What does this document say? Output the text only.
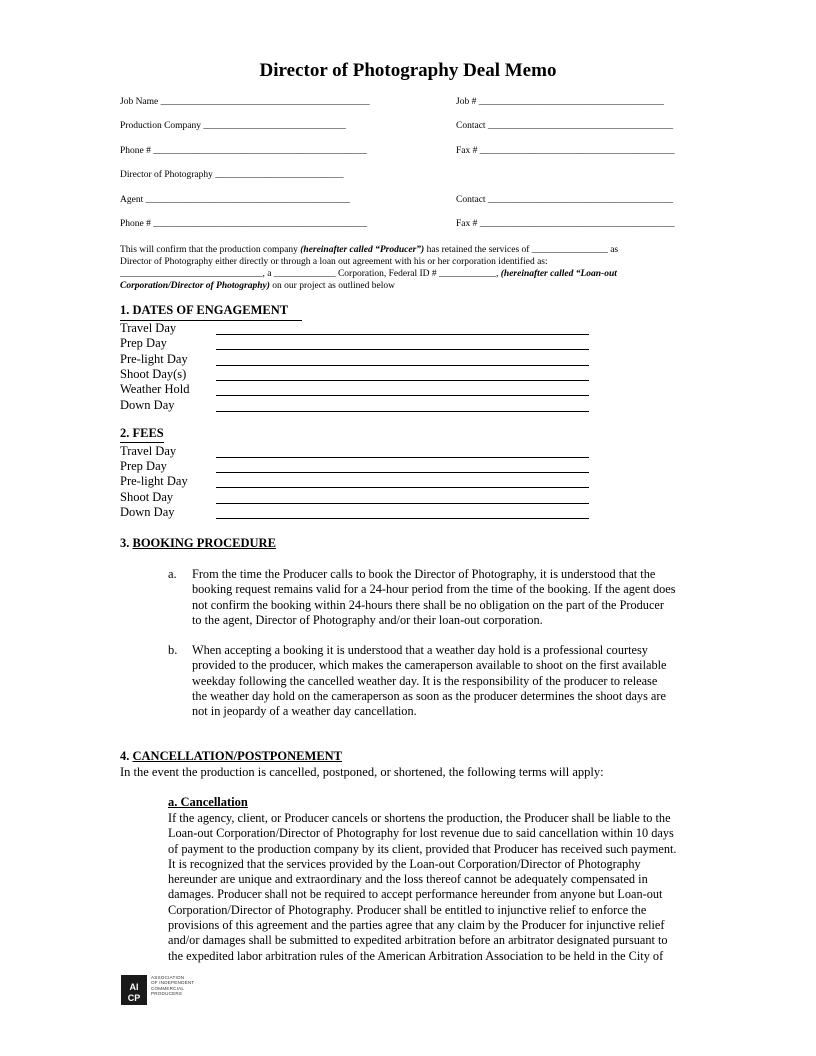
Director of Photography Deal Memo
Job Name ____________________________________________	Job # _______________________________________
Production Company ______________________________	Contact _______________________________________
Phone # _____________________________________________	Fax # _________________________________________
Director of Photography ___________________________
Agent ___________________________________________	Contact _______________________________________
Phone # _____________________________________________	Fax # _________________________________________
This will confirm that the production company (hereinafter called “Producer”) has retained the services of ________________ as
Director of Photography either directly or through a loan out agreement with his or her corporation identified as:
______________________________, a _____________ Corporation, Federal ID # ____________, (hereinafter called “Loan-out
Corporation/Director of Photography) on our project as outlined below
1. DATES OF ENGAGEMENT
Travel Day
Prep Day
Pre-light Day
Shoot Day(s)
Weather Hold
Down Day
2. FEES
Travel Day
Prep Day
Pre-light Day
Shoot Day
Down Day
3. BOOKING PROCEDURE
a. From the time the Producer calls to book the Director of Photography, it is understood that the
booking request remains valid for a 24-hour period from the time of the booking. If the agent does
not confirm the booking within 24-hours there shall be no obligation on the part of the Producer
to the agent, Director of Photography and/or their loan-out corporation.
b. When accepting a booking it is understood that a weather day hold is a professional courtesy
provided to the producer, which makes the cameraperson available to shoot on the first available
weekday following the cancelled weather day. It is the responsibility of the producer to release
the weather day hold on the cameraperson as soon as the producer determines the shoot days are
not in jeopardy of a weather day cancellation.
4. CANCELLATION/POSTPONEMENT
In the event the production is cancelled, postponed, or shortened, the following terms will apply:
a. Cancellation
If the agency, client, or Producer cancels or shortens the production, the Producer shall be liable to the
Loan-out Corporation/Director of Photography for lost revenue due to said cancellation within 10 days
of payment to the production company by its client, provided that Producer has received such payment.
It is recognized that the services provided by the Loan-out Corporation/Director of Photography
hereunder are unique and extraordinary and the loss thereof cannot be adequately compensated in
damages. Producer shall not be required to accept performance hereunder from anyone but Loan-out
Corporation/Director of Photography. Producer shall be entitled to injunctive relief to enforce the
provisions of this agreement and the parties agree that any claim by the Producer for injunctive relief
and/or damages shall be submitted to expedited arbitration before an arbitrator designated pursuant to
the expedited labor arbitration rules of the American Arbitration Association to be held in the City of
AI
CP
ASSOCIATION
OF INDEPENDENT
COMMERCIAL
PRODUCERS
